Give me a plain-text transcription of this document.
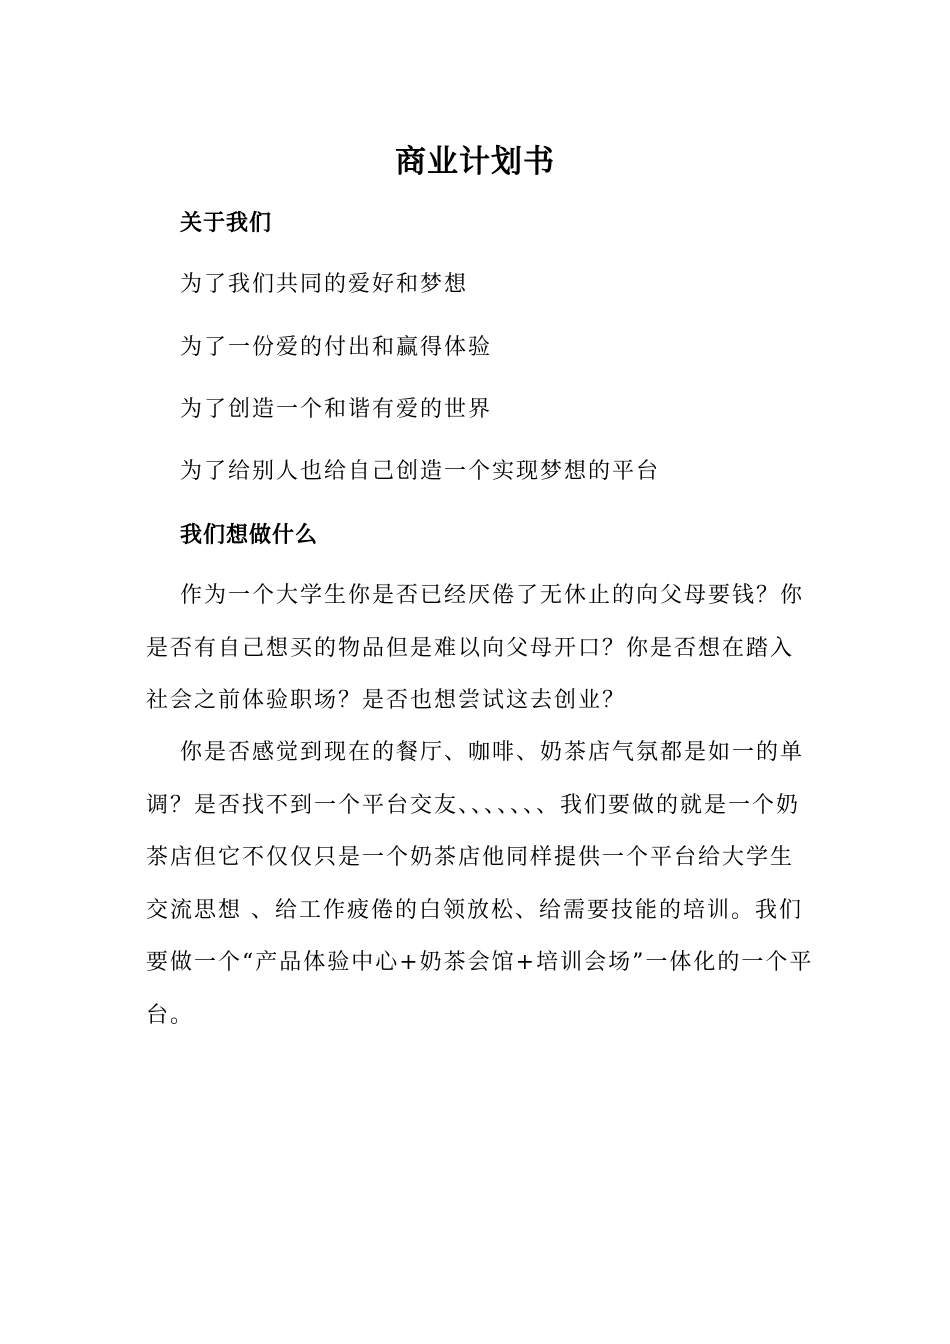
商业计划书
关于我们

为了我们共同的爱好和梦想

为了一份爱的付出和赢得体验

为了创造一个和谐有爱的世界

为了给别人也给自己创造一个实现梦想的平台

我们想做什么

作为一个大学生你是否已经厌倦了无休止的向父母要钱？你是否有自己想买的物品但是难以向父母开口？你是否想在踏入社会之前体验职场？是否也想尝试这去创业？

你是否感觉到现在的餐厅、咖啡、奶茶店气氛都是如一的单调？是否找不到一个平台交友、、、、、、、我们要做的就是一个奶茶店但它不仅仅只是一个奶茶店他同样提供一个平台给大学生交流思想 、给工作疲倦的白领放松、给需要技能的培训。我们要做一个“产品体验中心+奶茶会馆+培训会场”一体化的一个平台。
